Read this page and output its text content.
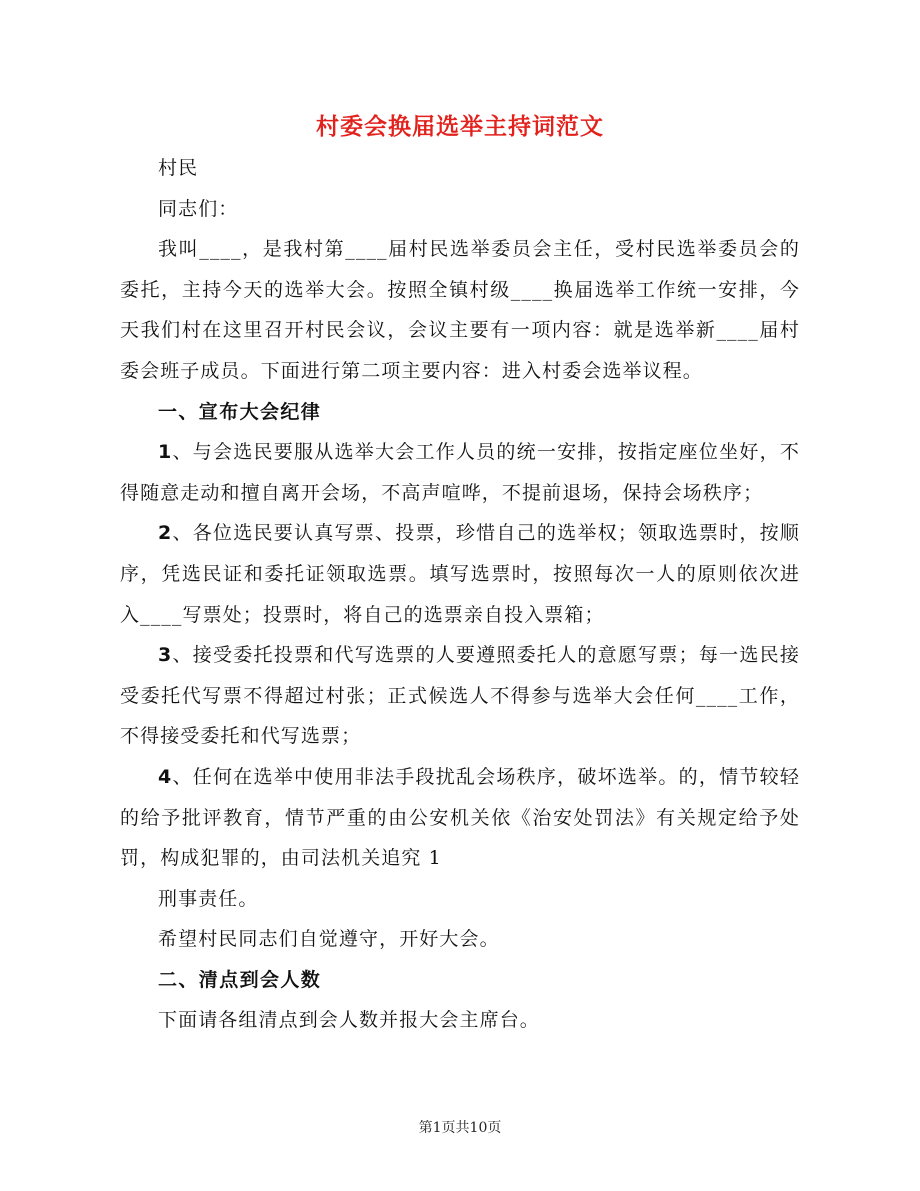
村委会换届选举主持词范文

村民

同志们：

我叫____，是我村第____届村民选举委员会主任，受村民选举委员会的委托，主持今天的选举大会。按照全镇村级____换届选举工作统一安排，今天我们村在这里召开村民会议，会议主要有一项内容：就是选举新____届村委会班子成员。下面进行第二项主要内容：进入村委会选举议程。

一、宣布大会纪律

1、与会选民要服从选举大会工作人员的统一安排，按指定座位坐好，不得随意走动和擅自离开会场，不高声喧哗，不提前退场，保持会场秩序；

2、各位选民要认真写票、投票，珍惜自己的选举权；领取选票时，按顺序，凭选民证和委托证领取选票。填写选票时，按照每次一人的原则依次进入____写票处；投票时，将自己的选票亲自投入票箱；

3、接受委托投票和代写选票的人要遵照委托人的意愿写票；每一选民接受委托代写票不得超过村张；正式候选人不得参与选举大会任何____工作，不得接受委托和代写选票；

4、任何在选举中使用非法手段扰乱会场秩序，破坏选举。的，情节较轻的给予批评教育，情节严重的由公安机关依《治安处罚法》有关规定给予处罚，构成犯罪的，由司法机关追究 1

刑事责任。

希望村民同志们自觉遵守，开好大会。

二、清点到会人数

下面请各组清点到会人数并报大会主席台。

第1页共10页
